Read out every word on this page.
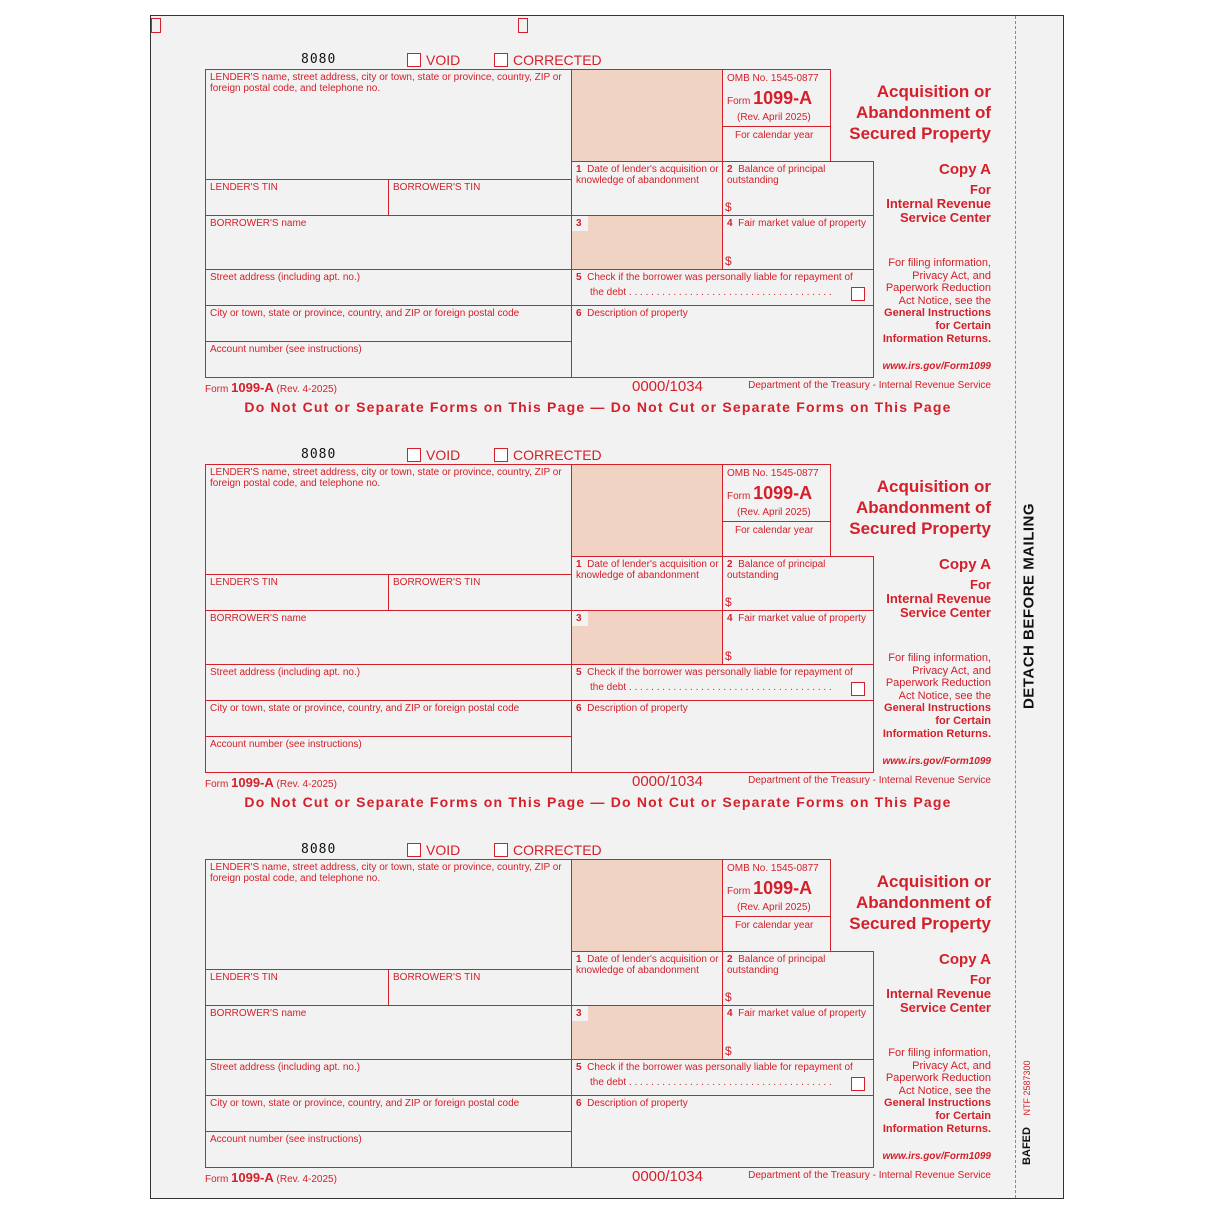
DETACH BEFORE MAILING
NTF 2587300
BAFED
8080	VOID	CORRECTED
LENDER'S name, street address, city or town, state or province, country, ZIP or foreign postal code, and telephone no.
OMB No. 1545-0877
Form 1099-A
(Rev. April 2025)
For calendar year
Acquisition or
Abandonment of
Secured Property
LENDER'S TIN	BORROWER'S TIN
1 Date of lender's acquisition or knowledge of abandonment
2 Balance of principal outstanding
$
Copy A
For
Internal Revenue
Service Center
BORROWER'S name	3	4 Fair market value of property
$
Street address (including apt. no.)	5 Check if the borrower was personally liable for repayment of
the debt . . . . . . . . . . . . . . . . . . . . . . . . . . . . . . . . . . . . .
City or town, state or province, country, and ZIP or foreign postal code	6 Description of property
Account number (see instructions)
For filing information,
Privacy Act, and
Paperwork Reduction
Act Notice, see the
General Instructions
for Certain
Information Returns.
www.irs.gov/Form1099
Form 1099-A (Rev. 4-2025)	0000/1034	Department of the Treasury - Internal Revenue Service
Do Not Cut or Separate Forms on This Page — Do Not Cut or Separate Forms on This Page
8080	VOID	CORRECTED
LENDER'S name, street address, city or town, state or province, country, ZIP or foreign postal code, and telephone no.
OMB No. 1545-0877
Form 1099-A
(Rev. April 2025)
For calendar year
Acquisition or
Abandonment of
Secured Property
LENDER'S TIN	BORROWER'S TIN
1 Date of lender's acquisition or knowledge of abandonment
2 Balance of principal outstanding
$
Copy A
For
Internal Revenue
Service Center
BORROWER'S name	3	4 Fair market value of property
$
Street address (including apt. no.)	5 Check if the borrower was personally liable for repayment of
the debt . . . . . . . . . . . . . . . . . . . . . . . . . . . . . . . . . . . . .
City or town, state or province, country, and ZIP or foreign postal code	6 Description of property
Account number (see instructions)
For filing information,
Privacy Act, and
Paperwork Reduction
Act Notice, see the
General Instructions
for Certain
Information Returns.
www.irs.gov/Form1099
Form 1099-A (Rev. 4-2025)	0000/1034	Department of the Treasury - Internal Revenue Service
Do Not Cut or Separate Forms on This Page — Do Not Cut or Separate Forms on This Page
8080	VOID	CORRECTED
LENDER'S name, street address, city or town, state or province, country, ZIP or foreign postal code, and telephone no.
OMB No. 1545-0877
Form 1099-A
(Rev. April 2025)
For calendar year
Acquisition or
Abandonment of
Secured Property
LENDER'S TIN	BORROWER'S TIN
1 Date of lender's acquisition or knowledge of abandonment
2 Balance of principal outstanding
$
Copy A
For
Internal Revenue
Service Center
BORROWER'S name	3	4 Fair market value of property
$
Street address (including apt. no.)	5 Check if the borrower was personally liable for repayment of
the debt . . . . . . . . . . . . . . . . . . . . . . . . . . . . . . . . . . . . .
City or town, state or province, country, and ZIP or foreign postal code	6 Description of property
Account number (see instructions)
For filing information,
Privacy Act, and
Paperwork Reduction
Act Notice, see the
General Instructions
for Certain
Information Returns.
www.irs.gov/Form1099
Form 1099-A (Rev. 4-2025)	0000/1034	Department of the Treasury - Internal Revenue Service
